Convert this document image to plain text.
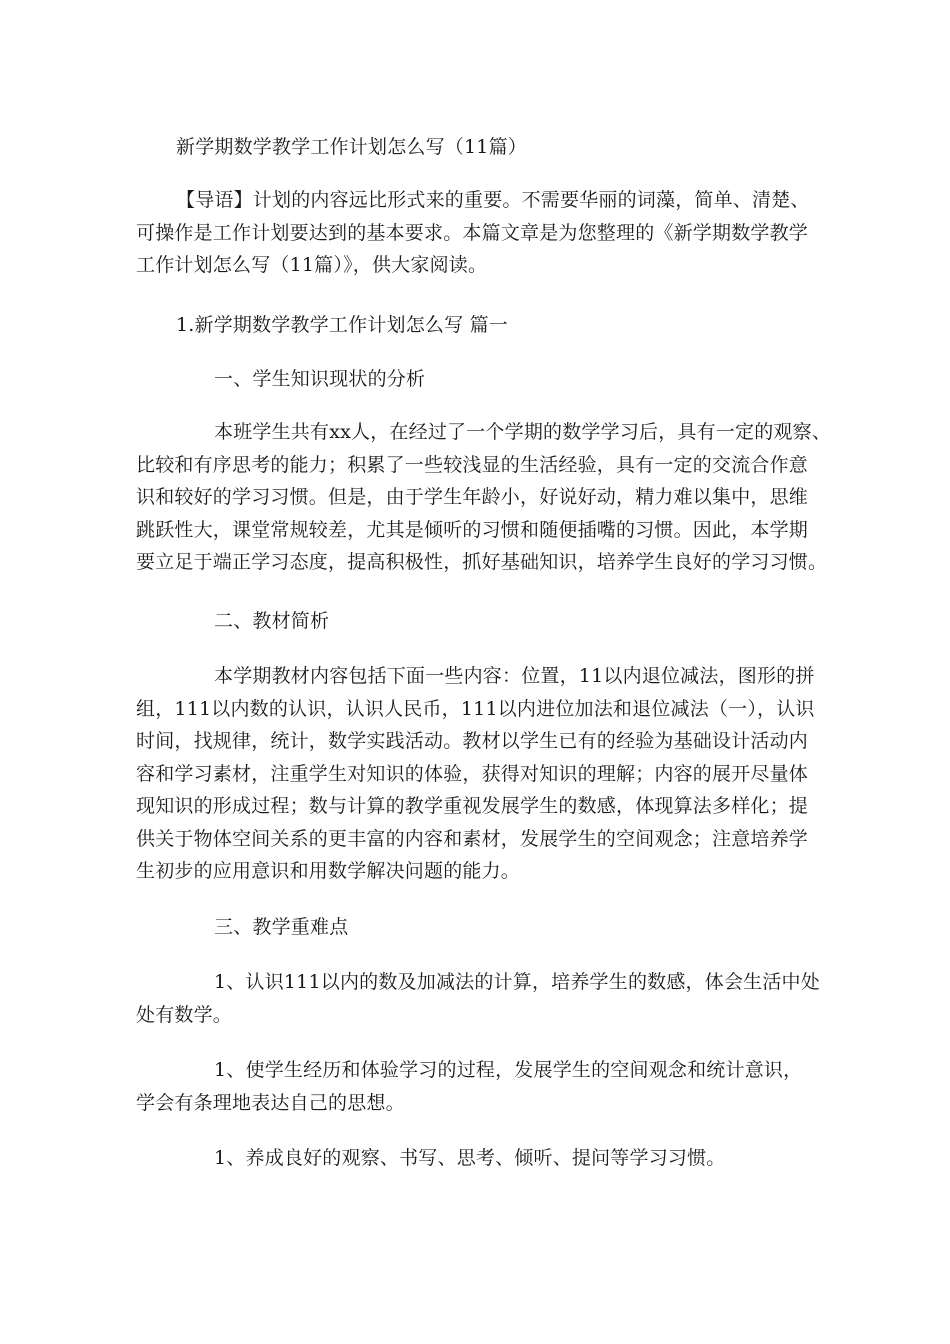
新学期数学教学工作计划怎么写（11篇）

【导语】计划的内容远比形式来的重要。不需要华丽的词藻，简单、清楚、

可操作是工作计划要达到的基本要求。本篇文章是为您整理的《新学期数学教学

工作计划怎么写（11篇）》，供大家阅读。

1.新学期数学教学工作计划怎么写 篇一
一、学生知识现状的分析

本班学生共有xx人，在经过了一个学期的数学学习后，具有一定的观察、

比较和有序思考的能力；积累了一些较浅显的生活经验，具有一定的交流合作意

识和较好的学习习惯。但是，由于学生年龄小，好说好动，精力难以集中，思维

跳跃性大，课堂常规较差，尤其是倾听的习惯和随便插嘴的习惯。因此，本学期

要立足于端正学习态度，提高积极性，抓好基础知识，培养学生良好的学习习惯。

二、教材简析

本学期教材内容包括下面一些内容：位置，11以内退位减法，图形的拼

组，111以内数的认识，认识人民币，111以内进位加法和退位减法（一），认识

时间，找规律，统计，数学实践活动。教材以学生已有的经验为基础设计活动内

容和学习素材，注重学生对知识的体验，获得对知识的理解；内容的展开尽量体

现知识的形成过程；数与计算的教学重视发展学生的数感，体现算法多样化；提

供关于物体空间关系的更丰富的内容和素材，发展学生的空间观念；注意培养学

生初步的应用意识和用数学解决问题的能力。

三、教学重难点

1、认识111以内的数及加减法的计算，培养学生的数感，体会生活中处

处有数学。

1、使学生经历和体验学习的过程，发展学生的空间观念和统计意识，

学会有条理地表达自己的思想。

1、养成良好的观察、书写、思考、倾听、提问等学习习惯。
